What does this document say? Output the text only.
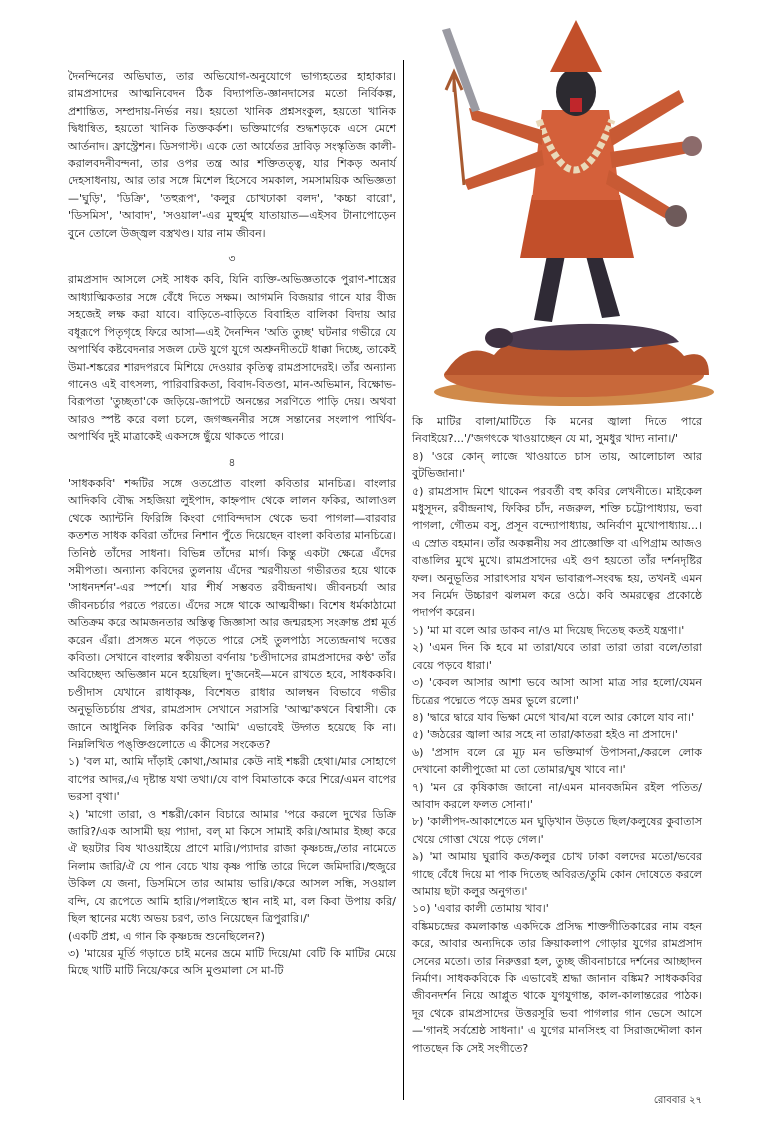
দৈনন্দিনের অভিঘাত, তার অভিযোগ-অনুযোগে ভাগ্যহতের হাহাকার। রামপ্রসাদের আত্মনিবেদন ঠিক বিদ্যাপতি-জ্ঞানদাসের মতো নির্বিকল্প, প্রশান্তিত, সম্প্রদায়-নির্ভর নয়। হয়তো খানিক প্রশ্নসংকুল, হয়তো খানিক দ্বিধান্বিত, হয়তো খানিক তিক্তকর্কশ। ভক্তিমার্গের শুদ্ধশড়কে এসে মেশে আর্তনাদ। ফ্রাস্ট্রেশন। ডিসগাস্ট। একে তো আর্যেতর দ্রাবিড় সংস্কৃতিজ কালী-করালবদনীবন্দনা, তার ওপর তন্ত্র আর শক্তিতত্ত্ব, যার শিকড় অনার্য দেহসাধনায়, আর তার সঙ্গে মিশেল হিসেবে সমকাল, সমসাময়িক অভিজ্ঞতা—'ঘুড়ি', 'ডিক্রি', 'তহুরূপ', 'কলুর চোখঢাকা বলদ', 'কচ্চা বারো', 'ডিসমিস', 'আবাদ', 'সওয়াল'-এর মুহুর্মুহু যাতায়াত—এইসব টানাপোড়েন বুনে তোলে উজ্জ্বল বস্ত্রখণ্ড। যার নাম জীবন।

৩

রামপ্রসাদ আসলে সেই সাধক কবি, যিনি ব্যক্তি-অভিজ্ঞতাকে পুরাণ-শাস্ত্রের আধ্যাত্মিকতার সঙ্গে বেঁধে দিতে সক্ষম। আগমনি বিজয়ার গানে যার বীজ সহজেই লক্ষ করা যাবে। বাড়িতে-বাড়িতে বিবাহিত বালিকা বিদায় আর বধূরূপে পিতৃগৃহে ফিরে আসা—এই দৈনন্দিন 'অতি তুচ্ছ' ঘটনার গভীরে যে অপার্থিব কষ্টবেদনার সজল ঢেউ যুগে যুগে অশ্রুনদীতটে ধাক্কা দিচ্ছে, তাকেই উমা-শঙ্করের শারদপরবে মিশিয়ে দেওয়ার কৃতিত্ব রামপ্রসাদেরই। তাঁর অন্যান্য গানেও এই বাৎসল্য, পারিবারিকতা, বিবাদ-বিতণ্ডা, মান-অভিমান, বিক্ষোভ-বিরূপতা 'তুচ্ছতা'কে জড়িয়ে-জাপটে অনন্তের সরণিতে পাড়ি দেয়। অথবা আরও স্পষ্ট করে বলা চলে, জগজ্জননীর সঙ্গে সন্তানের সংলাপ পার্থিব-অপার্থিব দুই মাত্রাকেই একসঙ্গে ছুঁয়ে থাকতে পারে।

৪

'সাধককবি' শব্দটির সঙ্গে ওতপ্রোত বাংলা কবিতার মানচিত্র। বাংলার আদিকবি বৌদ্ধ সহজিয়া লুইপাদ, কাহ্নপাদ থেকে লালন ফকির, আলাওল থেকে অ্যান্টনি ফিরিঙ্গি কিংবা গোবিন্দদাস থেকে ভবা পাগলা—বারবার কতশত সাধক কবিরা তাঁদের নিশান পুঁতে দিয়েছেন বাংলা কবিতার মানচিত্রে। তিনিষ্ঠ তাঁদের সাধনা। বিভিন্ন তাঁদের মার্গ। কিন্তু একটা ক্ষেত্রে এঁদের সমীপতা। অন্যান্য কবিদের তুলনায় এঁদের স্মরণীয়তা গভীরতর হয়ে থাকে 'সাধনদর্শন'-এর স্পর্শে। যার শীর্ষ সম্ভবত রবীন্দ্রনাথ। জীবনচর্যা আর জীবনচর্চার পরতে পরতে। এঁদের সঙ্গে থাকে আত্মবীক্ষা। বিশেষ ধর্মকাঠামো অতিক্রম করে আমজনতার অস্তিত্ব জিজ্ঞাসা আর জন্মরহস্য সংক্রান্ত প্রশ্ন মূর্ত করেন এঁরা। প্রসঙ্গত মনে পড়তে পারে সেই তুলপাঠ্য সত্যেন্দ্রনাথ দত্তের কবিতা। সেখানে বাংলার স্বকীয়তা বর্ণনায় 'চণ্ডীদাসের রামপ্রসাদের কণ্ঠ' তাঁর অবিচ্ছেদ্য অভিজ্ঞান মনে হয়েছিল। দু'জনেই—মনে রাখতে হবে, সাধককবি। চণ্ডীদাস যেখানে রাধাকৃষ্ণ, বিশেষত রাধার আলম্বন বিভাবে গভীর অনুভূতিচর্চায় প্রখর, রামপ্রসাদ সেখানে সরাসরি 'আত্ম'কথনে বিশ্বাসী। কে জানে আধুনিক লিরিক কবির 'আমি' এভাবেই উদ্গত হয়েছে কি না। নিম্নলিখিত পঙ্‌ক্তিগুলোতে এ কীসের সংকেত?

১) 'বল মা, আমি দাঁড়াই কোথা,/আমার কেউ নাই শঙ্করী হেথা।/মার সোহাগে বাপের আদর,/এ দৃষ্টান্ত যথা তথা।/যে বাপ বিমাতাকে করে শিরে/এমন বাপের ভরসা বৃথা।'

২) 'মাগো তারা, ও শঙ্করী/কোন বিচারে আমার 'পরে করলে দুখের ডিক্রি জারি?/এক আসামী ছয় প্যাদা, বল্ মা কিসে সামাই করি।/আমার ইচ্ছা করে ঐ ছয়টার বিষ খাওয়াইয়ে প্রাণে মারি।/প্যাদার রাজা কৃষ্ণচন্দ্র,/তার নামেতে নিলাম জারি/ঐ যে পান বেচে খায় কৃষ্ণ পান্তি তারে দিলে জমিদারি।/হুজুরে উকিল যে জনা, ডিসমিসে তার আমায় ভারি।/করে আসল সন্ধি, সওয়াল বন্দি, যে রূপেতে আমি হারি।/পলাইতে স্থান নাই মা, বল কিবা উপায় করি/ছিল স্থানের মধ্যে অভয় চরণ, তাও নিয়েছেন ত্রিপুরারি।/'

(একটি প্রশ্ন, এ গান কি কৃষ্ণচন্দ্র শুনেছিলেন?)

৩) 'মায়ের মূর্তি গড়াতে চাই মনের ভ্রমে মাটি দিয়ে/মা বেটি কি মাটির মেয়ে মিছে খাটি মাটি নিয়ে/করে অসি মুণ্ডমালা সে মা-টি

কি মাটির বালা/মাটিতে কি মনের জ্বালা দিতে পারে নিবাইয়ে?...'/'জগৎকে খাওয়াচ্ছেন যে মা, সুমধুর খাদ্য নানা।/'

৪) 'ওরে কোন্ লাজে খাওয়াতে চাস তায়, আলোচাল আর বুটভিজানা।'

৫) রামপ্রসাদ মিশে থাকেন পরবর্তী বহু কবির লেখনীতে। মাইকেল মধুসূদন, রবীন্দ্রনাথ, ফিকির চাঁদ, নজরুল, শক্তি চট্টোপাধ্যায়, ভবা পাগলা, গৌতম বসু, প্রসূন বন্দ্যোপাধ্যায়, অনির্বাণ মুখোপাধ্যায়...। এ স্রোত বহমান। তাঁর অকল্পনীয় সব প্রাজ্ঞোক্তি বা এপিগ্রাম আজও বাঙালির মুখে মুখে। রামপ্রসাদের এই গুণ হয়তো তাঁর দর্শনদৃষ্টির ফল। অনুভূতির সারাৎসার যখন ভাবারূপ-সংবদ্ধ হয়, তখনই এমন সব নির্মেদ উচ্চারণ ঝলমল করে ওঠে। কবি অমরত্বের প্রকোষ্ঠে পদার্পণ করেন।

১) 'মা মা বলে আর ডাকব না/ও মা দিয়েছ দিতেছ কতই যন্ত্রণা।'

২) 'এমন দিন কি হবে মা তারা/যবে তারা তারা তারা বলে/তারা বেয়ে পড়বে ধারা।'

৩) 'কেবল আসার আশা ভবে আসা আসা মাত্র সার হলো/যেমন চিত্রের পদ্মেতে পড়ে ভ্রমর ভুলে রলো।'

৪) 'দ্বারে দ্বারে যাব ভিক্ষা মেগে খাব/মা বলে আর কোলে যাব না।'

৫) 'জঠরের জ্বালা আর সহে না তারা/কাতরা হইও না প্রসাদে।'

৬) 'প্রসাদ বলে রে মূঢ় মন ভক্তিমার্গ উপাসনা,/করলে লোক দেখানো কালীপুজো মা তো তোমার/ঘুষ খাবে না।'

৭) 'মন রে কৃষিকাজ জানো না/এমন মানবজমিন রইল পতিত/আবাদ করলে ফলত সোনা।'

৮) 'কালীপদ-আকাশেতে মন ঘুড়িখান উড়তে ছিল/কলুষের কুবাতাস খেয়ে গোত্তা খেয়ে পড়ে গেল।'

৯) 'মা আমায় ঘুরাবি কত/কলুর চোখ ঢাকা বলদের মতো/ভবের গাছে বেঁধে দিয়ে মা পাক দিতেছ অবিরত/তুমি কোন দোষেতে করলে আমায় ছটা কলুর অনুগত।'

১০) 'এবার কালী তোমায় খাব।'

বঙ্কিমচন্দ্রের কমলাকান্ত একদিকে প্রসিদ্ধ শাক্তগীতিকারের নাম বহন করে, আবার অন্যদিকে তার ক্রিয়াকলাপ গোড়ার যুগের রামপ্রসাদ সেনের মতো। তার নিরুত্তরা হল, তুচ্ছ জীবনাচারে দর্শনের আচ্ছাদন নির্মাণ। সাধককবিকে কি এভাবেই শ্রদ্ধা জানান বঙ্কিম? সাধককবির জীবনদর্শন নিয়ে আপ্লুত থাকে যুগযুগান্ত, কাল-কালান্তরের পাঠক। দূর থেকে রামপ্রসাদের উত্তরসূরি ভবা পাগলার গান ভেসে আসে—'গানই সর্বশ্রেষ্ঠ সাধনা।' এ যুগের মানসিংহ বা সিরাজদ্দৌলা কান পাতছেন কি সেই সংগীতে?

রোববার ২৭
